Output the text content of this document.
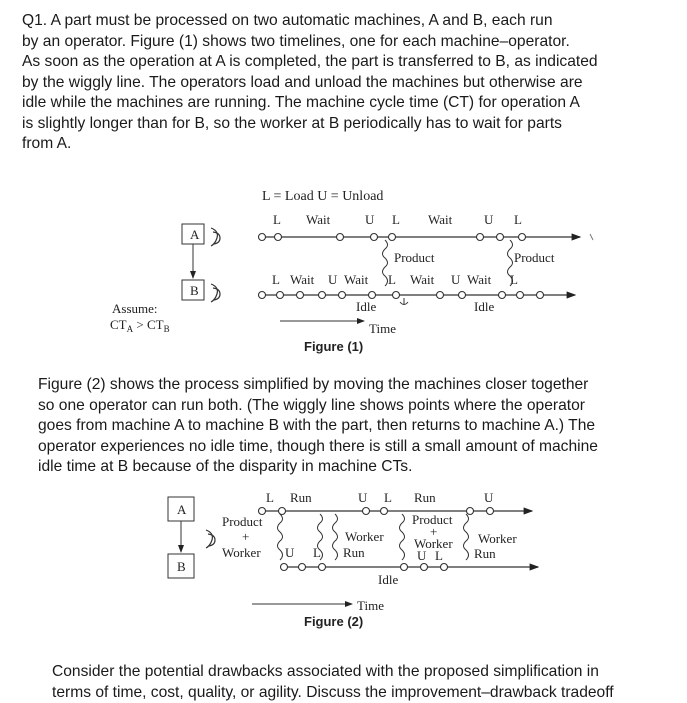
Q1. A part must be processed on two automatic machines, A and B, each run
by an operator. Figure (1) shows two timelines, one for each machine–operator.
As soon as the operation at A is completed, the part is transferred to B, as indicated
by the wiggly line. The operators load and unload the machines but otherwise are
idle while the machines are running. The machine cycle time (CT) for operation A
is slightly longer than for B, so the worker at B periodically has to wait for parts
from A.
L = Load U = Unload
A
B
L Wait	U L Wait U L
Product	Product
L Wait U Wait L Wait U Wait L
Idle	Idle
Assume:
$CT_A > CT_B$	Time
Figure (1)
A
B
L Run	U L Run	U
Product
+
Worker
Worker
Run
Product
+
Worker Worker
Run
U L	U L
Idle
Time
Figure (2)
Figure (2) shows the process simplified by moving the machines closer together
so one operator can run both. (The wiggly line shows points where the operator
goes from machine A to machine B with the part, then returns to machine A.) The
operator experiences no idle time, though there is still a small amount of machine
idle time at B because of the disparity in machine CTs.
Consider the potential drawbacks associated with the proposed simplification in
terms of time, cost, quality, or agility. Discuss the improvement–drawback tradeoff
